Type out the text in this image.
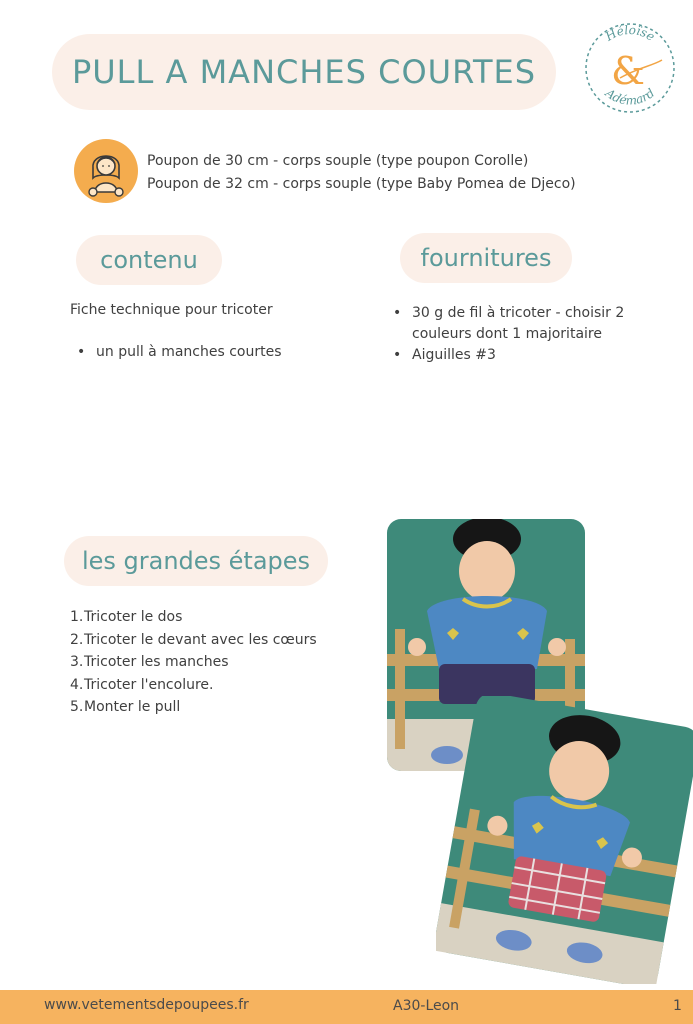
PULL A MANCHES COURTES
Héloïse
Adémard
&
Poupon de 30 cm - corps souple (type poupon Corolle)
Poupon de 32 cm - corps souple (type Baby Pomea de Djeco)
contenu
Fiche technique pour tricoter
• un pull à manches courtes
fournitures
• 30 g de fil à tricoter - choisir 2 couleurs dont 1 majoritaire
• Aiguilles #3
les grandes étapes
1. Tricoter le dos
2. Tricoter le devant avec les cœurs
3. Tricoter les manches
4. Tricoter l'encolure.
5. Monter le pull
www.vetementsdepoupees.fr	A30-Leon	1
